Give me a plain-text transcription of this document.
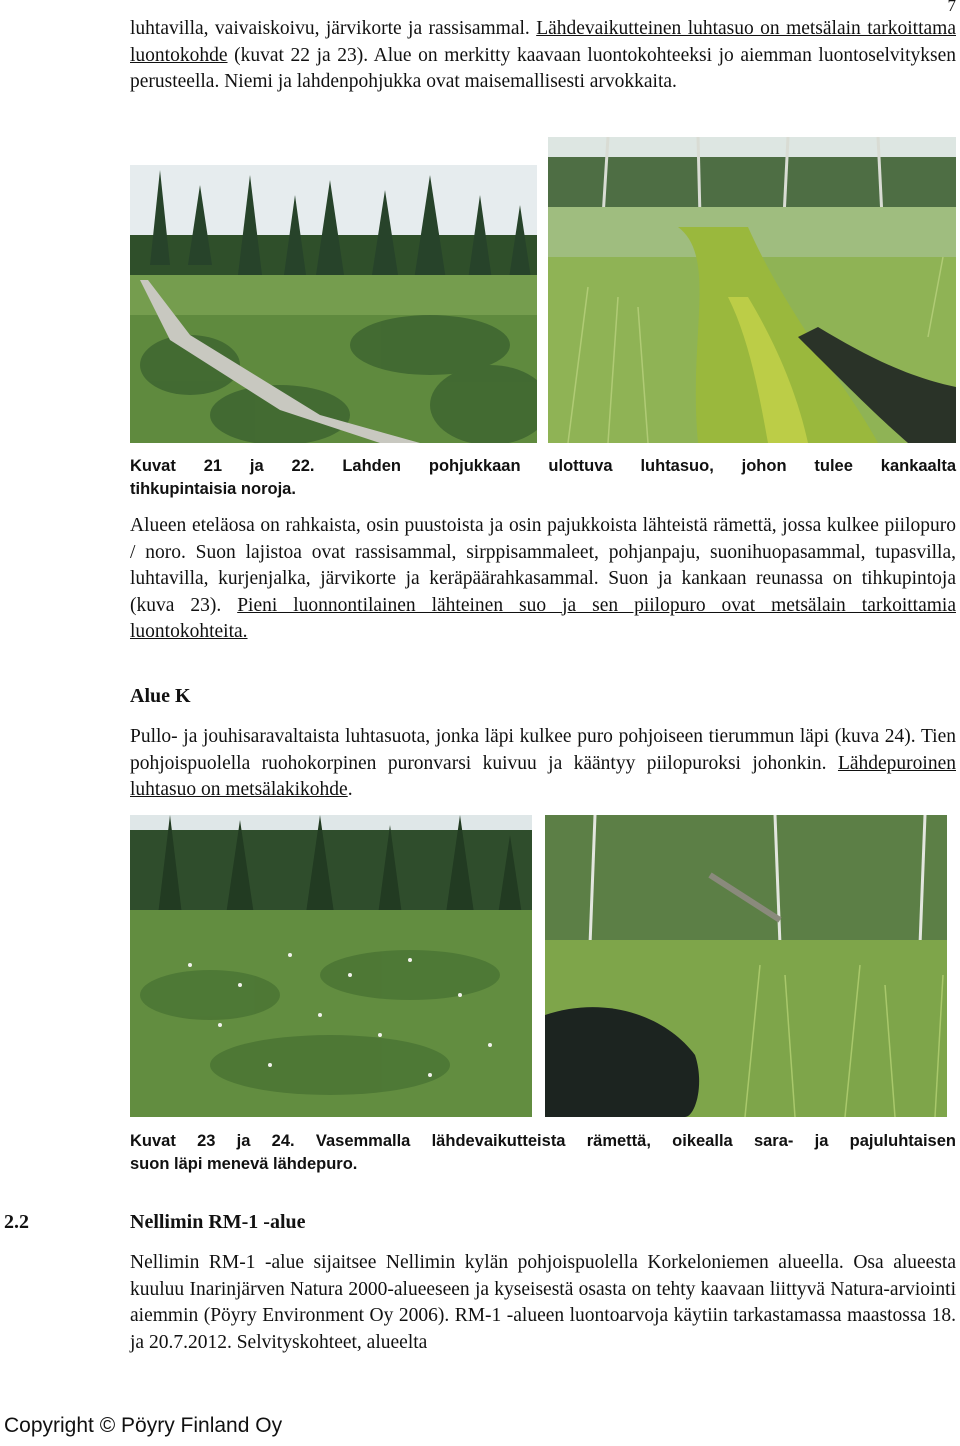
7

luhtavilla, vaivaiskoivu, järvikorte ja rassisammal. Lähdevaikutteinen luhtasuo on metsälain tarkoittama luontokohde (kuvat 22 ja 23). Alue on merkitty kaavaan luontokohteeksi jo aiemman luontoselvityksen perusteella. Niemi ja lahdenpohjukka ovat maisemallisesti arvokkaita.

Kuvat 21 ja 22. Lahden pohjukkaan ulottuva luhtasuo, johon tulee kankaalta
tihkupintaisia noroja.

Alueen eteläosa on rahkaista, osin puustoista ja osin pajukkoista lähteistä rämettä, jossa kulkee piilopuro / noro. Suon lajistoa ovat rassisammal, sirppisammaleet, pohjanpaju, suonihuopasammal, tupasvilla, luhtavilla, kurjenjalka, järvikorte ja keräpäärahkasammal. Suon ja kankaan reunassa on tihkupintoja (kuva 23). Pieni luonnontilainen lähteinen suo ja sen piilopuro ovat metsälain tarkoittamia luontokohteita.

Alue K

Pullo- ja jouhisaravaltaista luhtasuota, jonka läpi kulkee puro pohjoiseen tierummun läpi (kuva 24). Tien pohjoispuolella ruohokorpinen puronvarsi kuivuu ja kääntyy piilopuroksi johonkin. Lähdepuroinen luhtasuo on metsälakikohde.

Kuvat 23 ja 24. Vasemmalla lähdevaikutteista rämettä, oikealla sara- ja pajuluhtaisen
suon läpi menevä lähdepuro.
2.2	Nellimin RM-1 -alue

Nellimin RM-1 -alue sijaitsee Nellimin kylän pohjoispuolella Korkeloniemen alueella. Osa alueesta kuuluu Inarinjärven Natura 2000-alueeseen ja kyseisestä osasta on tehty kaavaan liittyvä Natura-arviointi aiemmin (Pöyry Environment Oy 2006). RM-1 -alueen luontoarvoja käytiin tarkastamassa maastossa 18. ja 20.7.2012. Selvityskohteet, alueelta

Copyright © Pöyry Finland Oy
